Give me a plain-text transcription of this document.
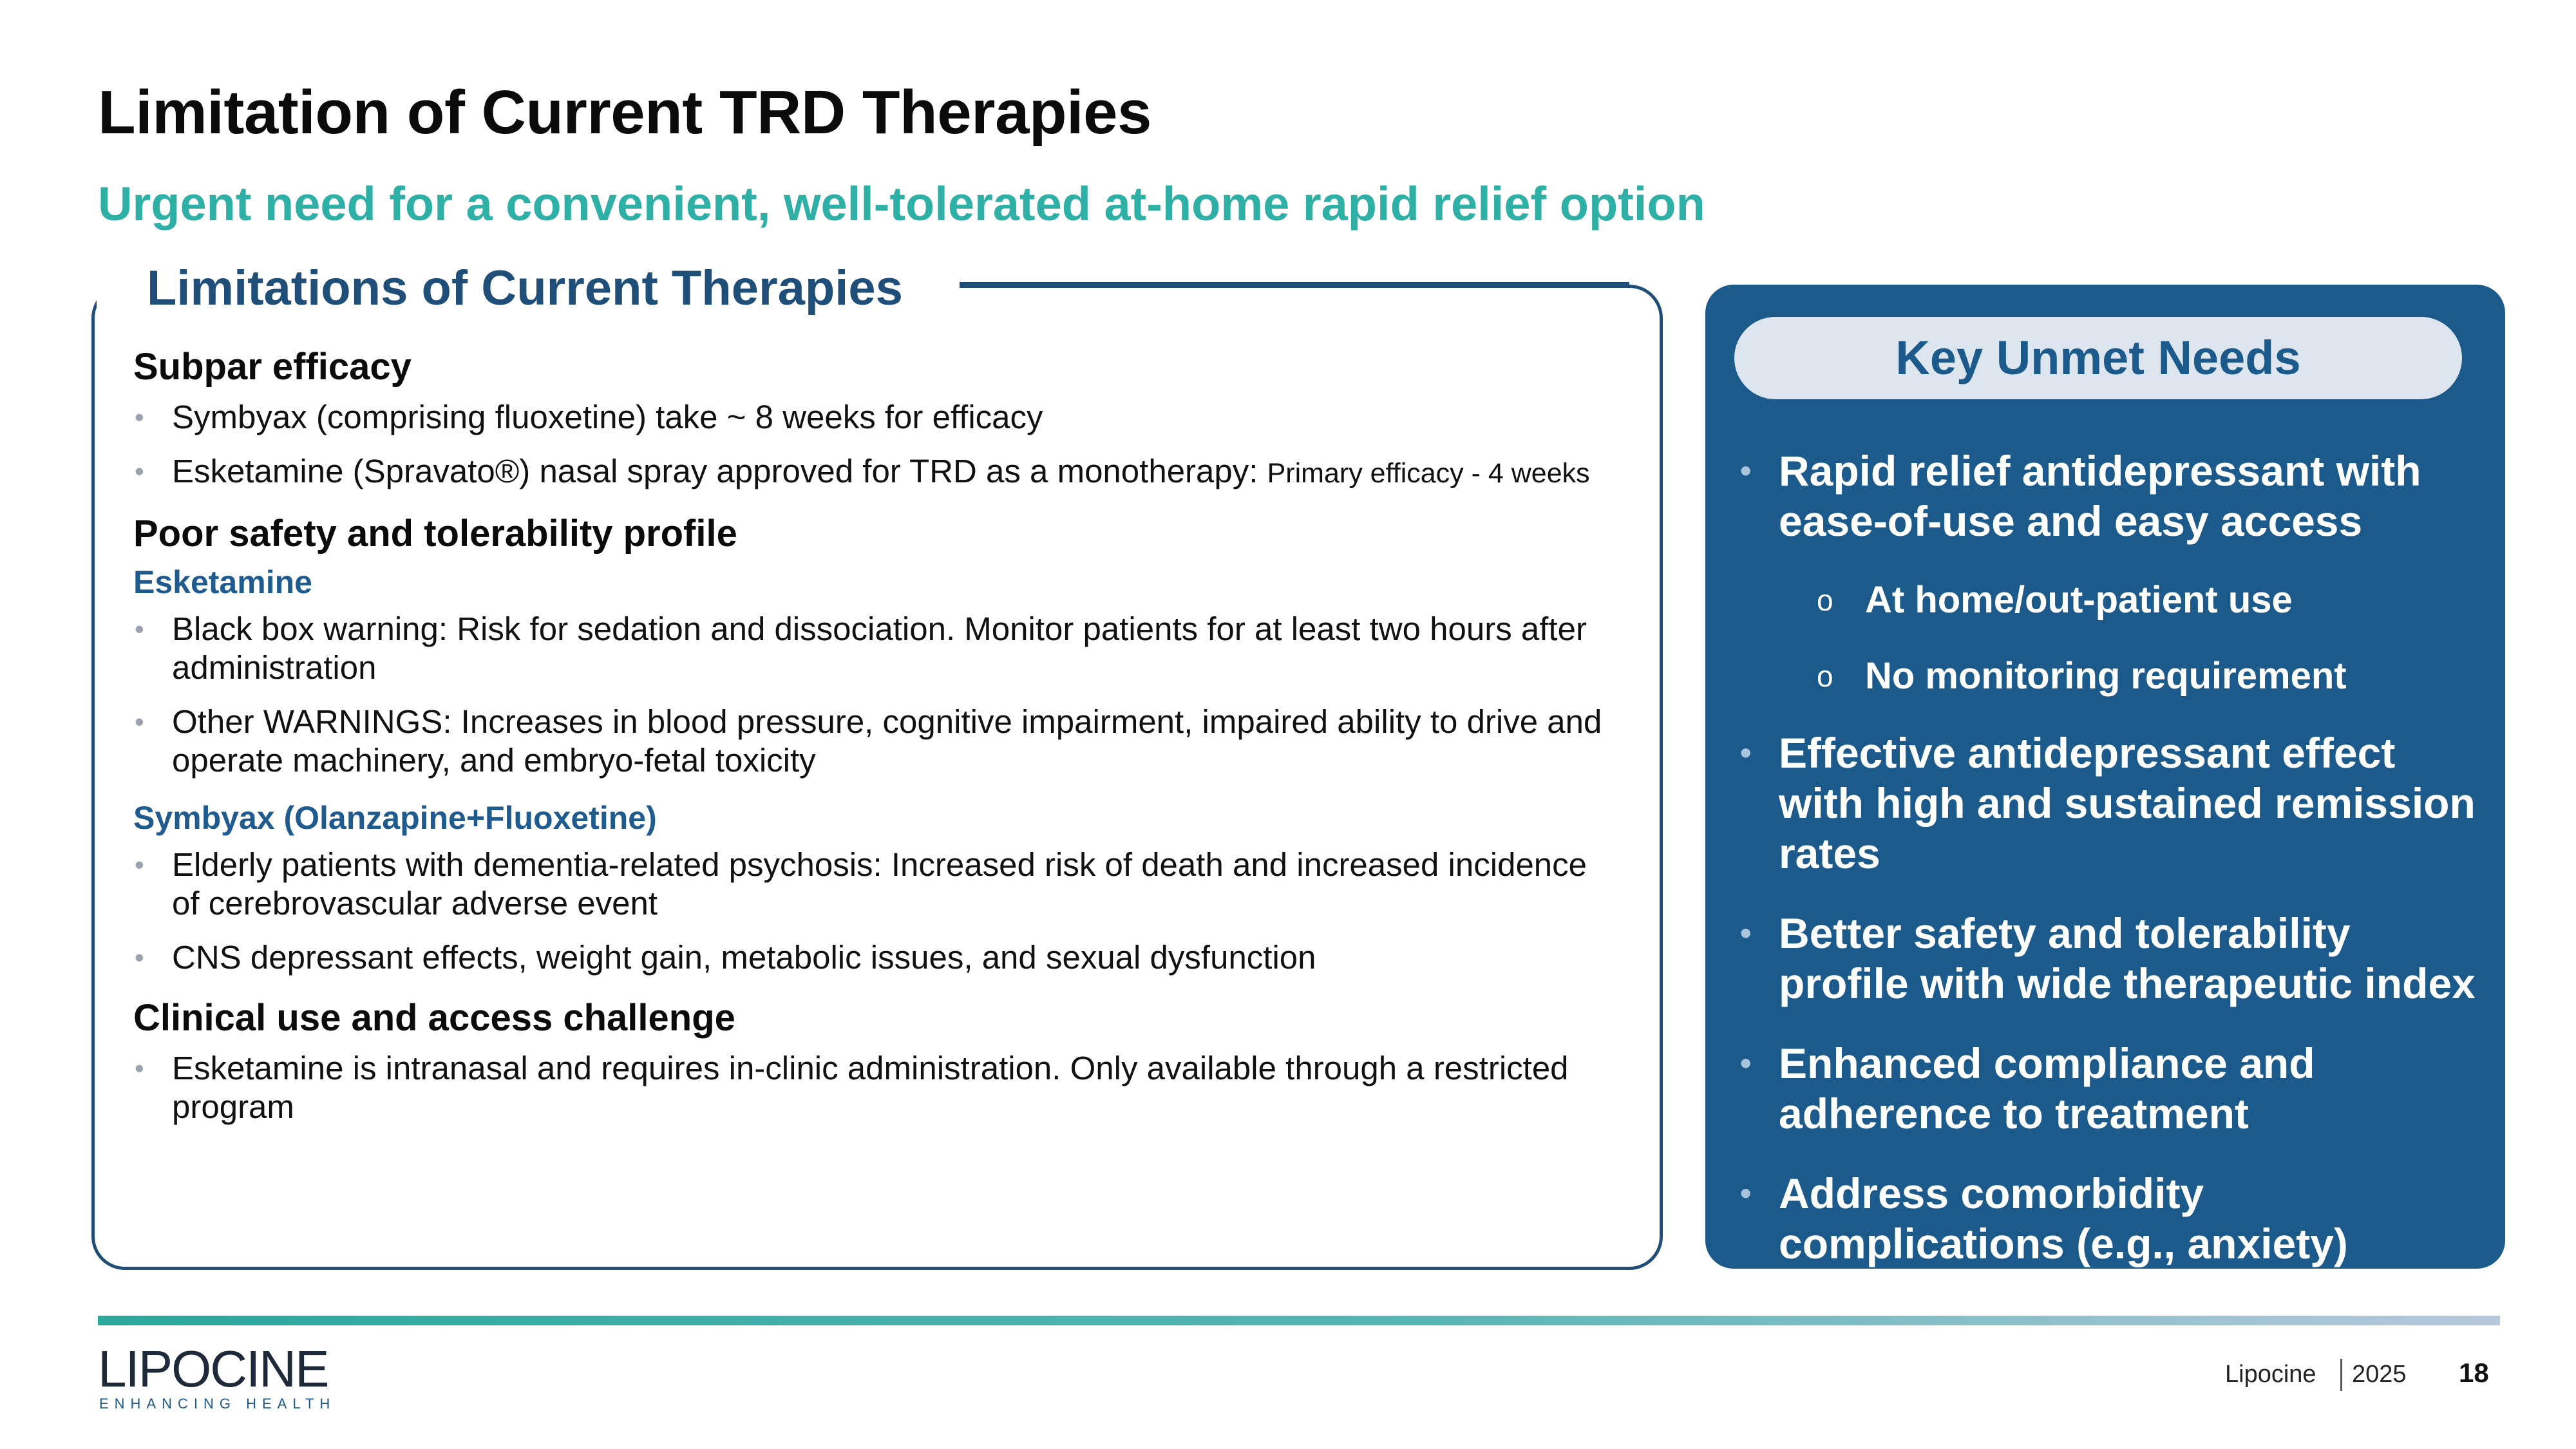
Limitation of Current TRD Therapies
Urgent need for a convenient, well-tolerated at-home rapid relief option
Limitations of Current Therapies
Subpar efficacy
• Symbyax (comprising fluoxetine) take ~ 8 weeks for efficacy
• Esketamine (Spravato®) nasal spray approved for TRD as a monotherapy: Primary efficacy - 4 weeks
Poor safety and tolerability profile
Esketamine
• Black box warning: Risk for sedation and dissociation. Monitor patients for at least two hours after administration
• Other WARNINGS: Increases in blood pressure, cognitive impairment, impaired ability to drive and operate machinery, and embryo-fetal toxicity
Symbyax (Olanzapine+Fluoxetine)
• Elderly patients with dementia-related psychosis: Increased risk of death and increased incidence of cerebrovascular adverse event
• CNS depressant effects, weight gain, metabolic issues, and sexual dysfunction
Clinical use and access challenge
• Esketamine is intranasal and requires in-clinic administration. Only available through a restricted program
Key Unmet Needs
• Rapid relief antidepressant with ease-of-use and easy access
o At home/out-patient use
o No monitoring requirement
• Effective antidepressant effect with high and sustained remission rates
• Better safety and tolerability profile with wide therapeutic index
• Enhanced compliance and adherence to treatment
• Address comorbidity complications (e.g., anxiety)
LIPOCINE
ENHANCING HEALTH
Lipocine 2025 18
